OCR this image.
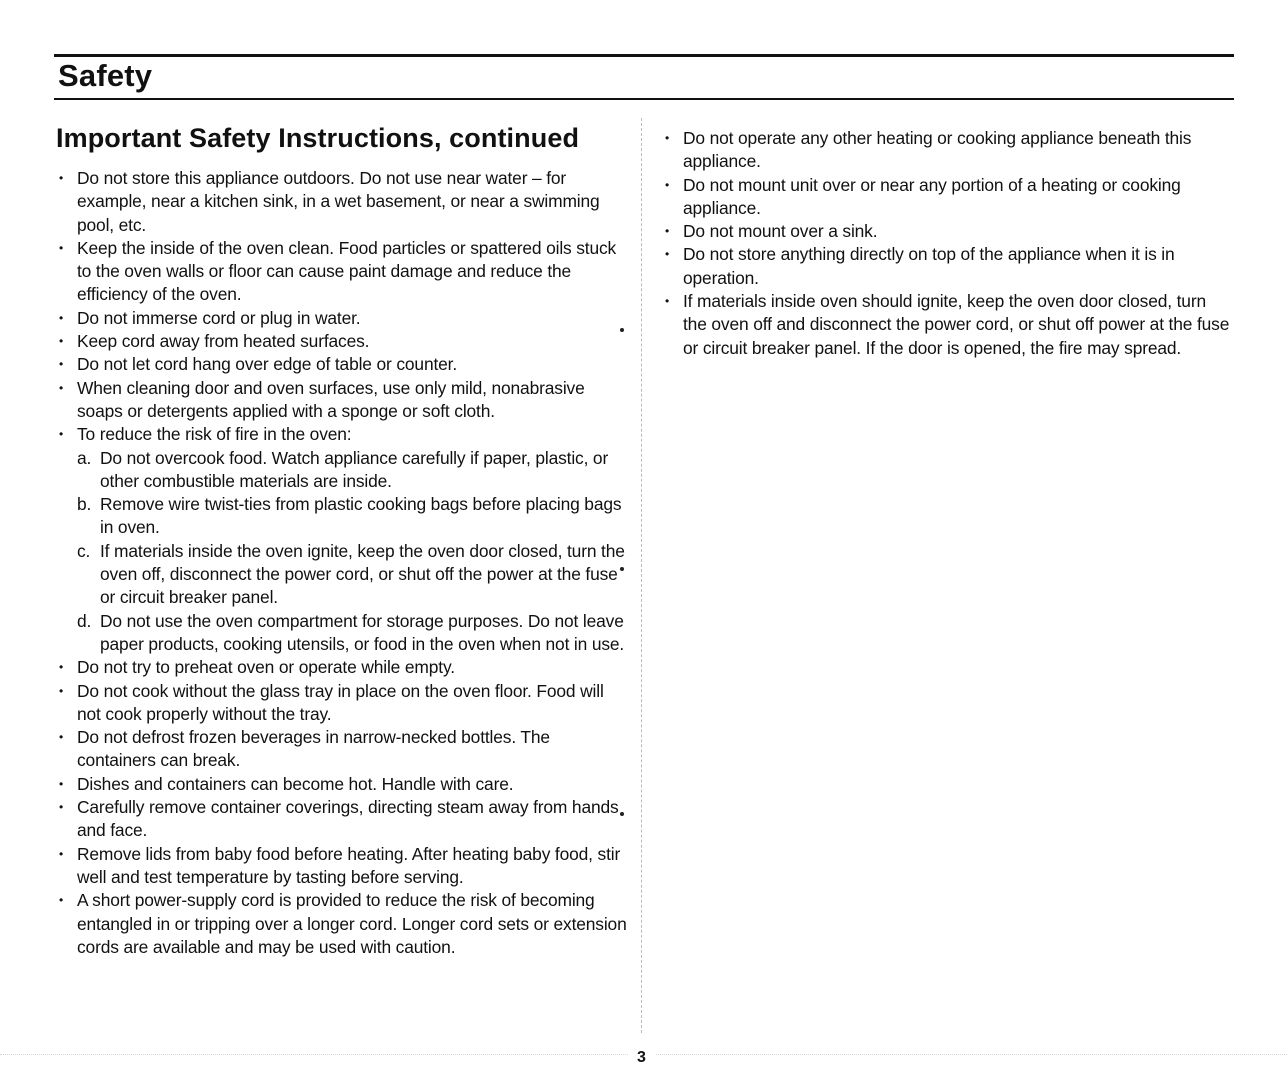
Safety
Important Safety Instructions, continued
• Do not store this appliance outdoors. Do not use near water – for example, near a kitchen sink, in a wet basement, or near a swimming pool, etc.
• Keep the inside of the oven clean. Food particles or spattered oils stuck to the oven walls or floor can cause paint damage and reduce the efficiency of the oven.
• Do not immerse cord or plug in water.
• Keep cord away from heated surfaces.
• Do not let cord hang over edge of table or counter.
• When cleaning door and oven surfaces, use only mild, nonabrasive soaps or detergents applied with a sponge or soft cloth.
• To reduce the risk of fire in the oven:
a. Do not overcook food. Watch appliance carefully if paper, plastic, or other combustible materials are inside.
b. Remove wire twist-ties from plastic cooking bags before placing bags in oven.
c. If materials inside the oven ignite, keep the oven door closed, turn the oven off, disconnect the power cord, or shut off the power at the fuse or circuit breaker panel.
d. Do not use the oven compartment for storage purposes. Do not leave paper products, cooking utensils, or food in the oven when not in use.
• Do not try to preheat oven or operate while empty.
• Do not cook without the glass tray in place on the oven floor. Food will not cook properly without the tray.
• Do not defrost frozen beverages in narrow-necked bottles. The containers can break.
• Dishes and containers can become hot. Handle with care.
• Carefully remove container coverings, directing steam away from hands and face.
• Remove lids from baby food before heating. After heating baby food, stir well and test temperature by tasting before serving.
• A short power-supply cord is provided to reduce the risk of becoming entangled in or tripping over a longer cord. Longer cord sets or extension cords are available and may be used with caution.
• Do not operate any other heating or cooking appliance beneath this appliance.
• Do not mount unit over or near any portion of a heating or cooking appliance.
• Do not mount over a sink.
• Do not store anything directly on top of the appliance when it is in operation.
• If materials inside oven should ignite, keep the oven door closed, turn the oven off and disconnect the power cord, or shut off power at the fuse or circuit breaker panel. If the door is opened, the fire may spread.
3
